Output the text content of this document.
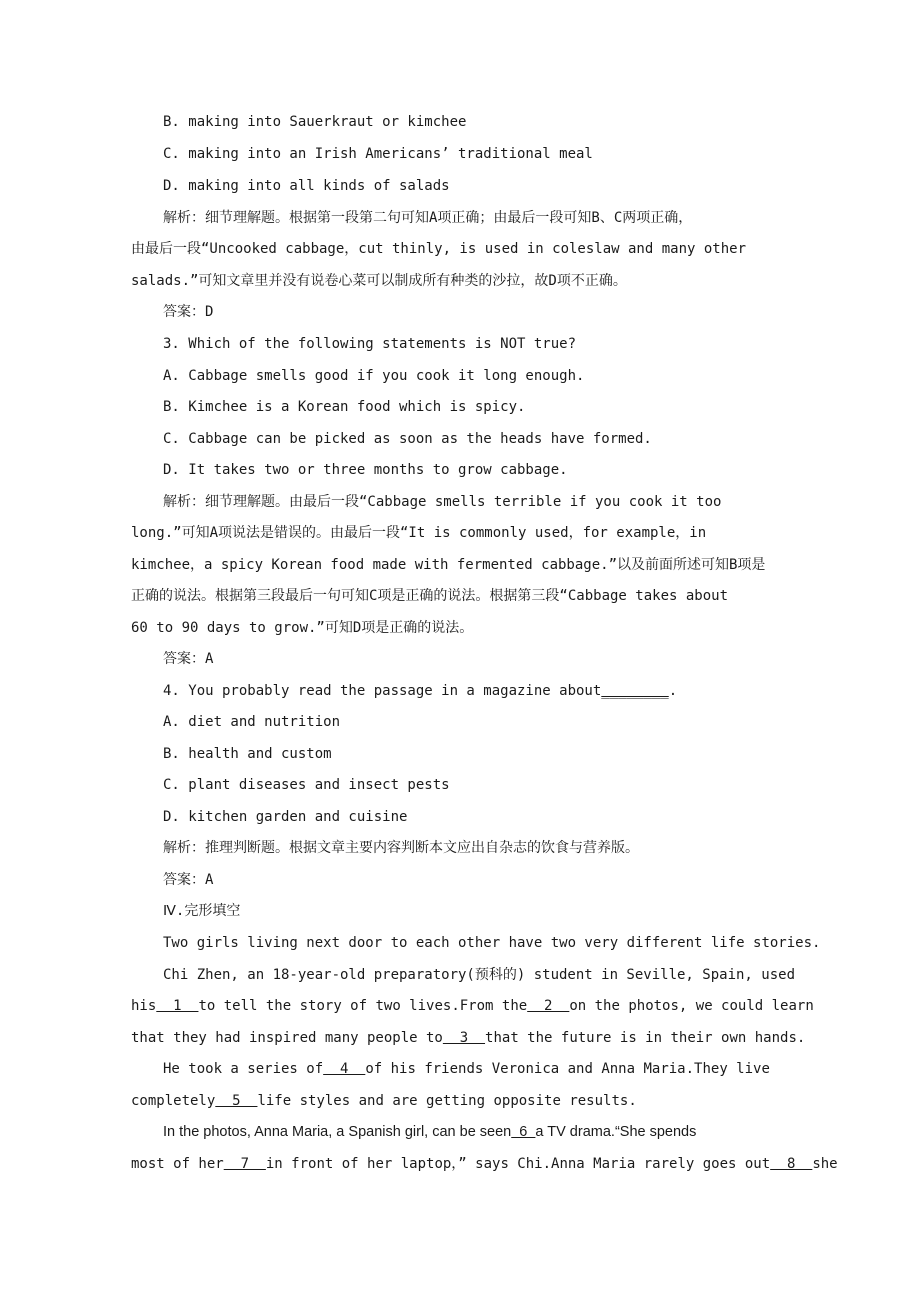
B. making into Sauerkraut or kimchee
C. making into an Irish Americans’ traditional meal
D. making into all kinds of salads
解析：细节理解题。根据第一段第二句可知A项正确；由最后一段可知B、C两项正确，
由最后一段“Uncooked cabbage，cut thinly, is used in coleslaw and many other
salads.”可知文章里并没有说卷心菜可以制成所有种类的沙拉，故D项不正确。
答案：D
3. Which of the following statements is NOT true?
A. Cabbage smells good if you cook it long enough.
B. Kimchee is a Korean food which is spicy.
C. Cabbage can be picked as soon as the heads have formed.
D. It takes two or three months to grow cabbage.
解析：细节理解题。由最后一段“Cabbage smells terrible if you cook it too
long.”可知A项说法是错误的。由最后一段“It is commonly used，for example，in
kimchee，a spicy Korean food made with fermented cabbage.”以及前面所述可知B项是
正确的说法。根据第三段最后一句可知C项是正确的说法。根据第三段“Cabbage takes about
60 to 90 days to grow.”可知D项是正确的说法。
答案：A
4. You probably read the passage in a magazine about________.
A. diet and nutrition
B. health and custom
C. plant diseases and insect pests
D. kitchen garden and cuisine
解析：推理判断题。根据文章主要内容判断本文应出自杂志的饮食与营养版。
答案：A
Ⅳ.完形填空
Two girls living next door to each other have two very different life stories.
Chi Zhen, an 18-year-old preparatory(预科的) student in Seville, Spain, used
his  1  to tell the story of two lives.From the  2  on the photos, we could learn
that they had inspired many people to  3  that the future is in their own hands.
He took a series of  4  of his friends Veronica and Anna Maria.They live
completely  5  life styles and are getting opposite results.
In the photos, Anna Maria, a Spanish girl, can be seen  6  a TV drama.“She spends
most of her  7  in front of her laptop，” says Chi.Anna Maria rarely goes out  8  she
